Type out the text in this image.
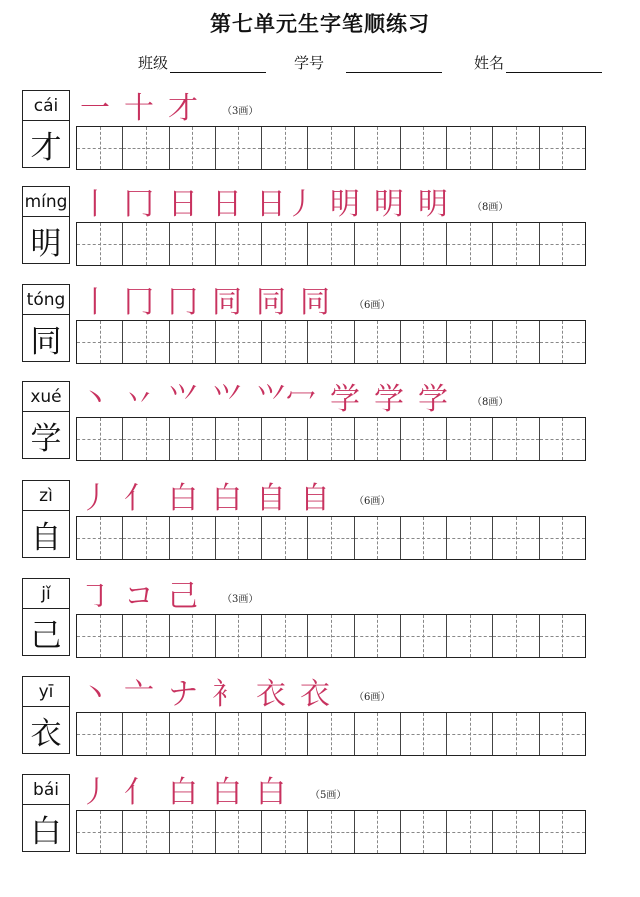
第七单元生字笔顺练习
班级	学号	姓名
cái
才
一 十 才 （3画）
míng
明
丨 冂 日 日 日丿 明 明 明 （8画）
tóng
同
丨 冂 冂 同 同 同 （6画）
xué
学
丶 丷 ⺍ ⺍ ⺍冖 学 学 学 （8画）
zì
自
丿 亻 白 白 自 自 （6画）
jǐ
己
㇆ コ 己 （3画）
yī
衣
丶 亠 ナ 衤 衣 衣 （6画）
bái
白
丿 亻 白 白 白 （5画）
